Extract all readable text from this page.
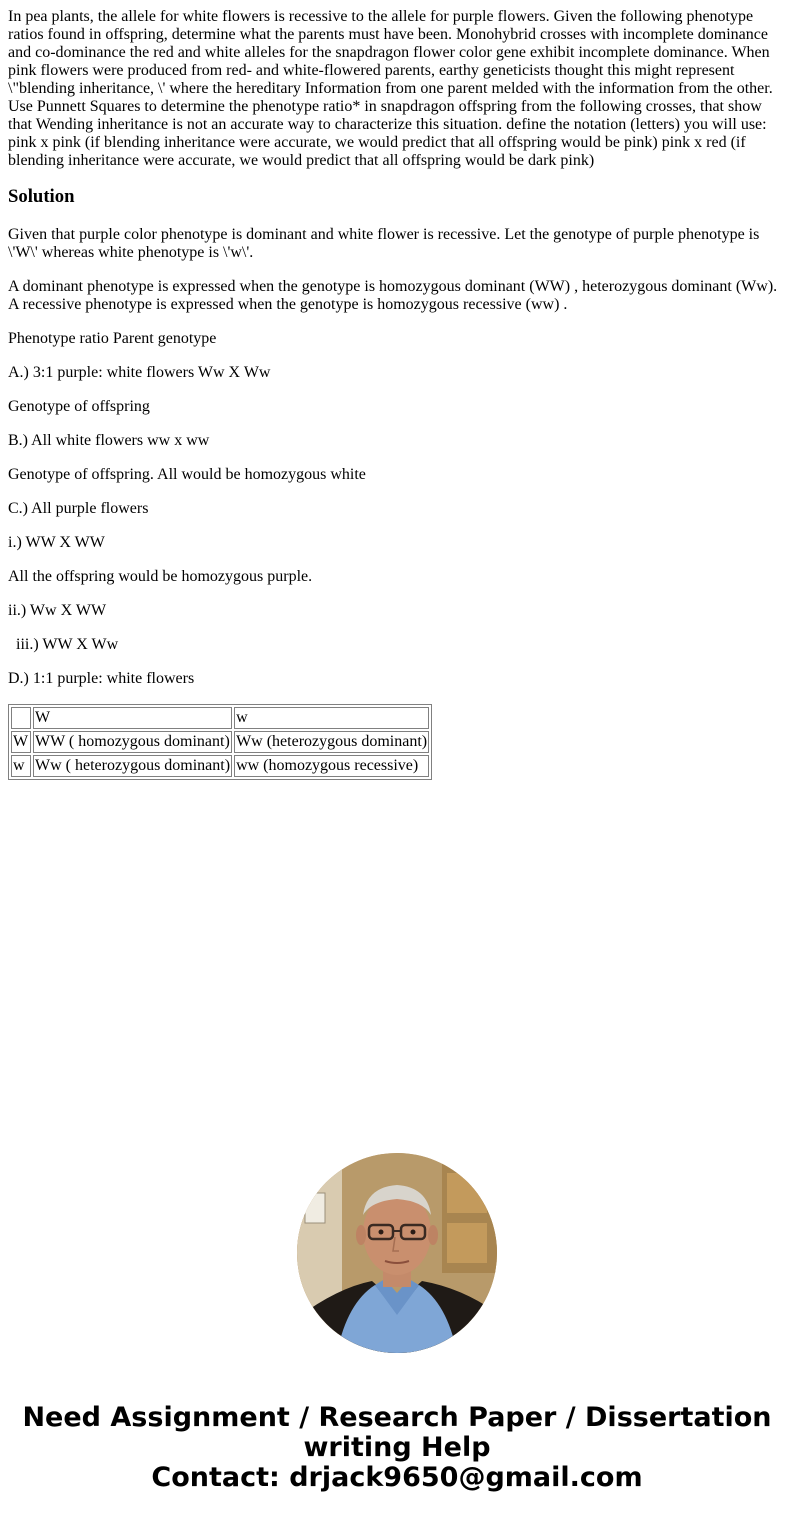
In pea plants, the allele for white flowers is recessive to the allele for purple flowers. Given the following phenotype ratios found in offspring, determine what the parents must have been. Monohybrid crosses with incomplete dominance and co-dominance the red and white alleles for the snapdragon flower color gene exhibit incomplete dominance. When pink flowers were produced from red- and white-flowered parents, earthy geneticists thought this might represent \"blending inheritance, \' where the hereditary Information from one parent melded with the information from the other. Use Punnett Squares to determine the phenotype ratio* in snapdragon offspring from the following crosses, that show that Wending inheritance is not an accurate way to characterize this situation. define the notation (letters) you will use: pink x pink (if blending inheritance were accurate, we would predict that all offspring would be pink) pink x red (if blending inheritance were accurate, we would predict that all offspring would be dark pink)
Solution

Given that purple color phenotype is dominant and white flower is recessive. Let the genotype of purple phenotype is \'W\' whereas white phenotype is \'w\'.

A dominant phenotype is expressed when the genotype is homozygous dominant (WW) , heterozygous dominant (Ww). A recessive phenotype is expressed when the genotype is homozygous recessive (ww) .

Phenotype ratio Parent genotype

A.) 3:1 purple: white flowers Ww X Ww

Genotype of offspring

B.) All white flowers ww x ww

Genotype of offspring. All would be homozygous white

C.) All purple flowers

i.) WW X WW

All the offspring would be homozygous purple.

ii.) Ww X WW

iii.) WW X Ww

D.) 1:1 purple: white flowers

	W	w
W	WW ( homozygous dominant)	Ww (heterozygous dominant)
w	Ww ( heterozygous dominant)	ww (homozygous recessive)
Need Assignment / Research Paper / Dissertation
writing Help
Contact: drjack9650@gmail.com
